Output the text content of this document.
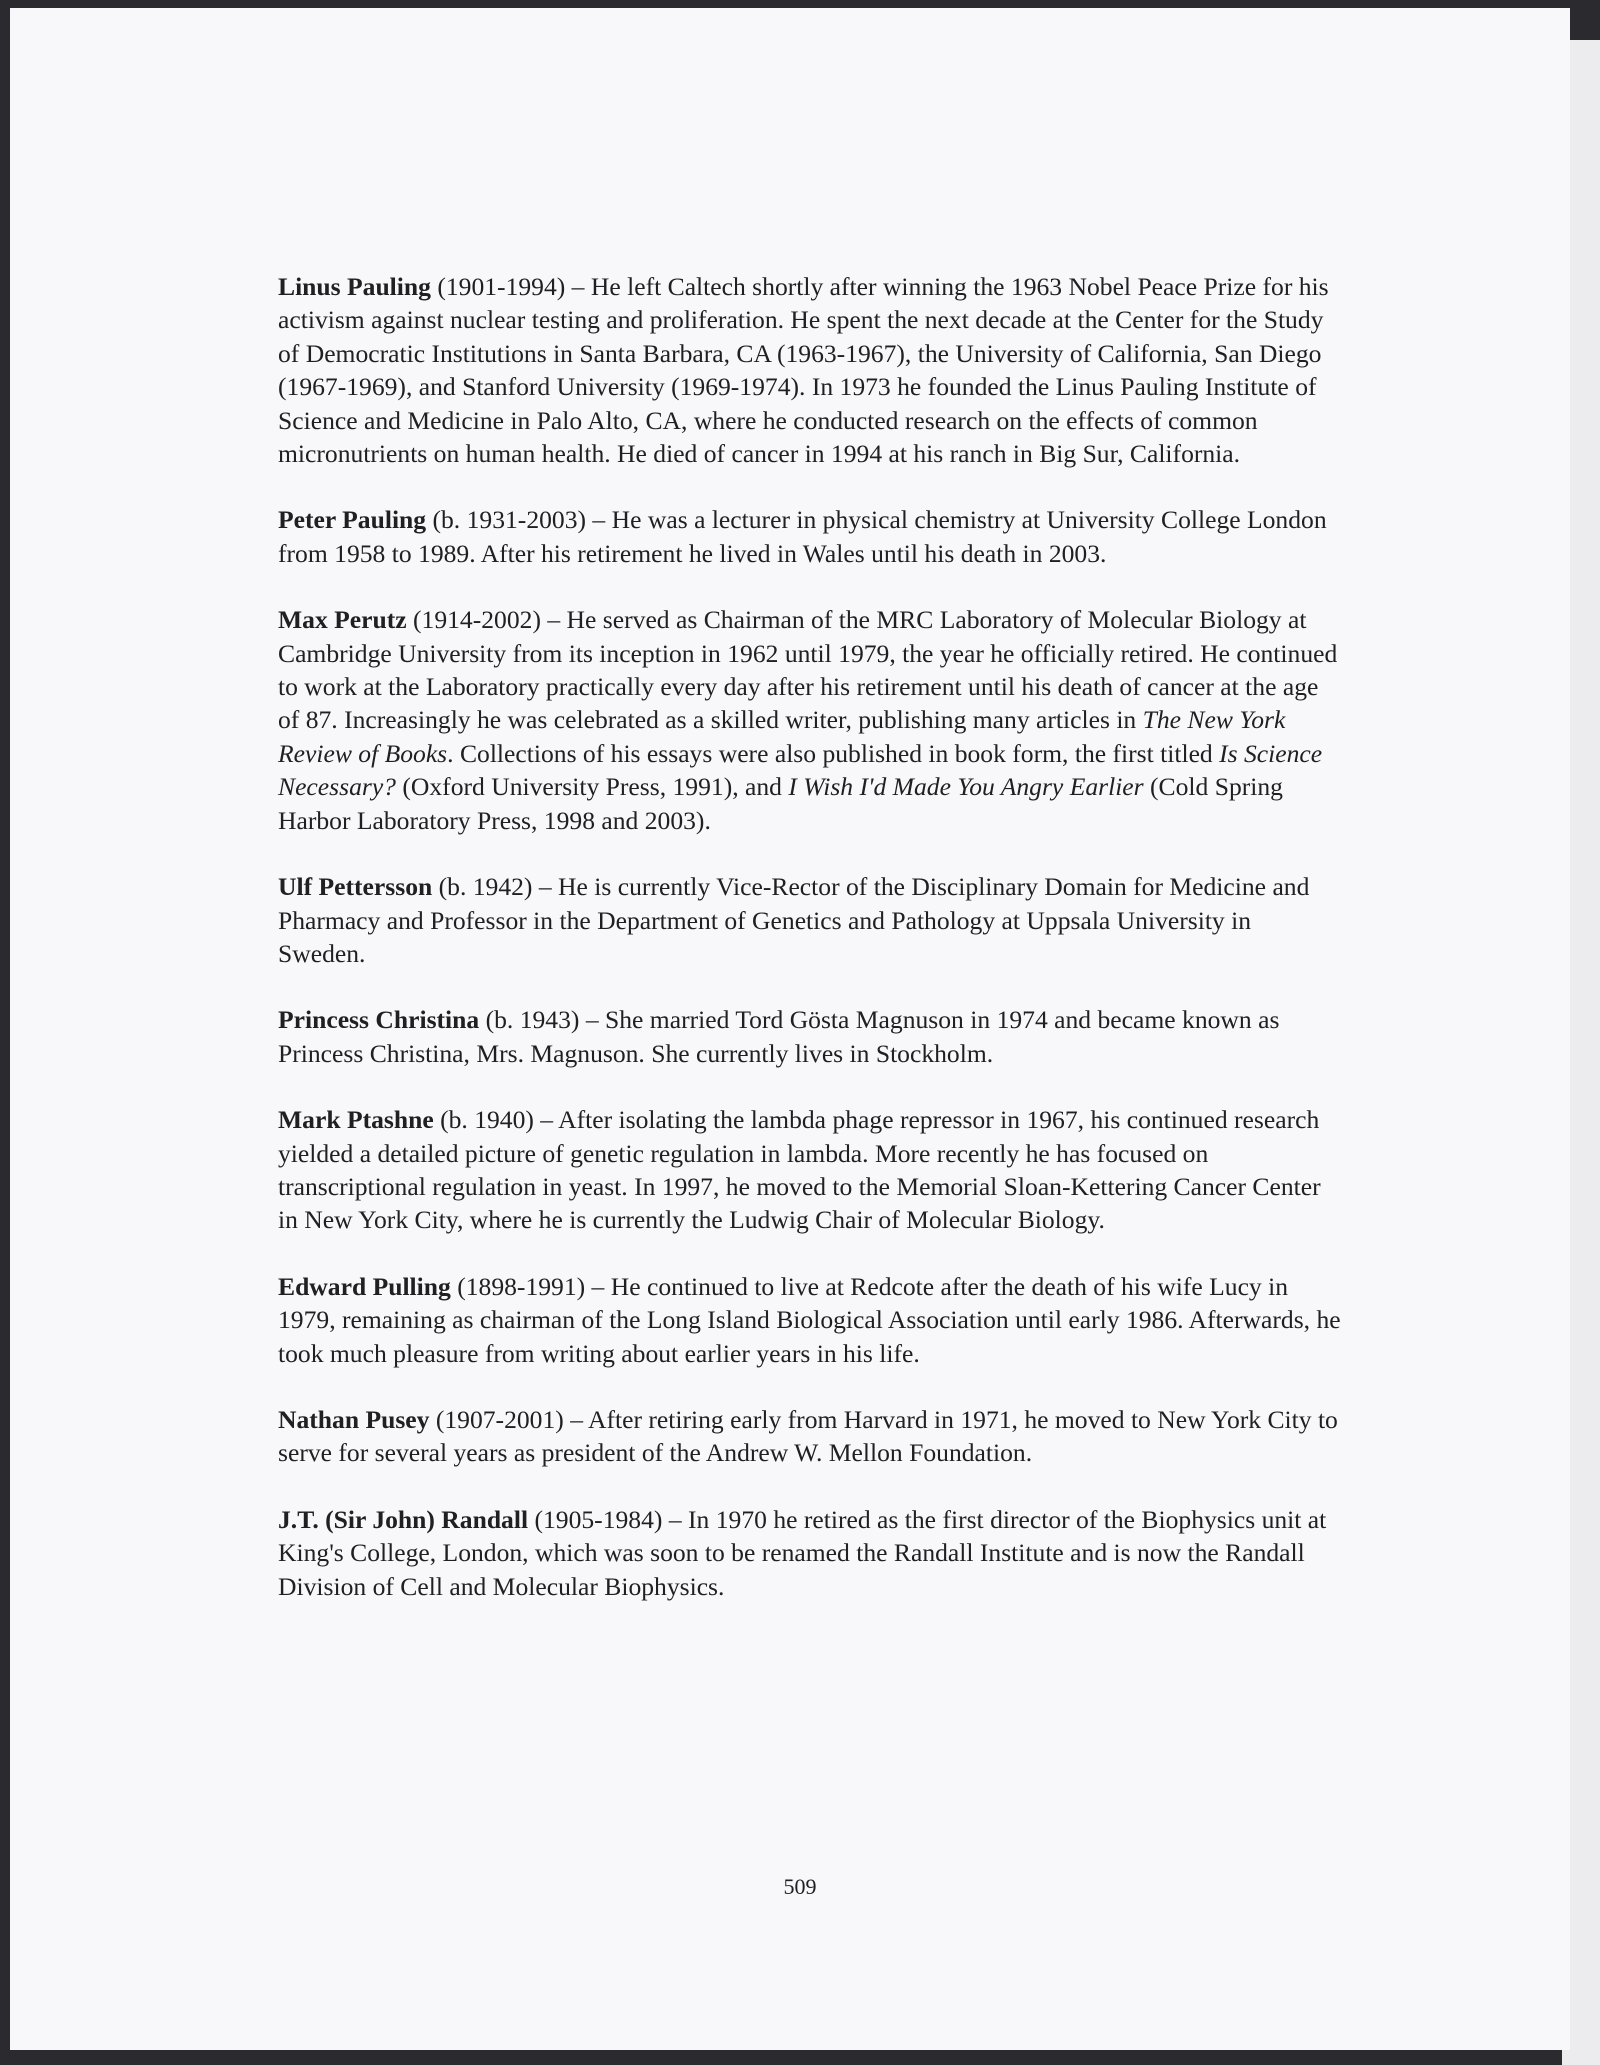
Linus Pauling (1901-1994) – He left Caltech shortly after winning the 1963 Nobel Peace Prize for his activism against nuclear testing and proliferation. He spent the next decade at the Center for the Study of Democratic Institutions in Santa Barbara, CA (1963-1967), the University of California, San Diego (1967-1969), and Stanford University (1969-1974). In 1973 he founded the Linus Pauling Institute of Science and Medicine in Palo Alto, CA, where he conducted research on the effects of common micronutrients on human health. He died of cancer in 1994 at his ranch in Big Sur, California.

Peter Pauling (b. 1931-2003) – He was a lecturer in physical chemistry at University College London from 1958 to 1989. After his retirement he lived in Wales until his death in 2003.

Max Perutz (1914-2002) – He served as Chairman of the MRC Laboratory of Molecular Biology at Cambridge University from its inception in 1962 until 1979, the year he officially retired. He continued to work at the Laboratory practically every day after his retirement until his death of cancer at the age of 87. Increasingly he was celebrated as a skilled writer, publishing many articles in The New York Review of Books. Collections of his essays were also published in book form, the first titled Is Science Necessary? (Oxford University Press, 1991), and I Wish I'd Made You Angry Earlier (Cold Spring Harbor Laboratory Press, 1998 and 2003).

Ulf Pettersson (b. 1942) – He is currently Vice-Rector of the Disciplinary Domain for Medicine and Pharmacy and Professor in the Department of Genetics and Pathology at Uppsala University in Sweden.

Princess Christina (b. 1943) – She married Tord Gösta Magnuson in 1974 and became known as Princess Christina, Mrs. Magnuson. She currently lives in Stockholm.

Mark Ptashne (b. 1940) – After isolating the lambda phage repressor in 1967, his continued research yielded a detailed picture of genetic regulation in lambda. More recently he has focused on transcriptional regulation in yeast. In 1997, he moved to the Memorial Sloan-Kettering Cancer Center in New York City, where he is currently the Ludwig Chair of Molecular Biology.

Edward Pulling (1898-1991) – He continued to live at Redcote after the death of his wife Lucy in 1979, remaining as chairman of the Long Island Biological Association until early 1986. Afterwards, he took much pleasure from writing about earlier years in his life.

Nathan Pusey (1907-2001) – After retiring early from Harvard in 1971, he moved to New York City to serve for several years as president of the Andrew W. Mellon Foundation.

J.T. (Sir John) Randall (1905-1984) – In 1970 he retired as the first director of the Biophysics unit at King's College, London, which was soon to be renamed the Randall Institute and is now the Randall Division of Cell and Molecular Biophysics.

509
